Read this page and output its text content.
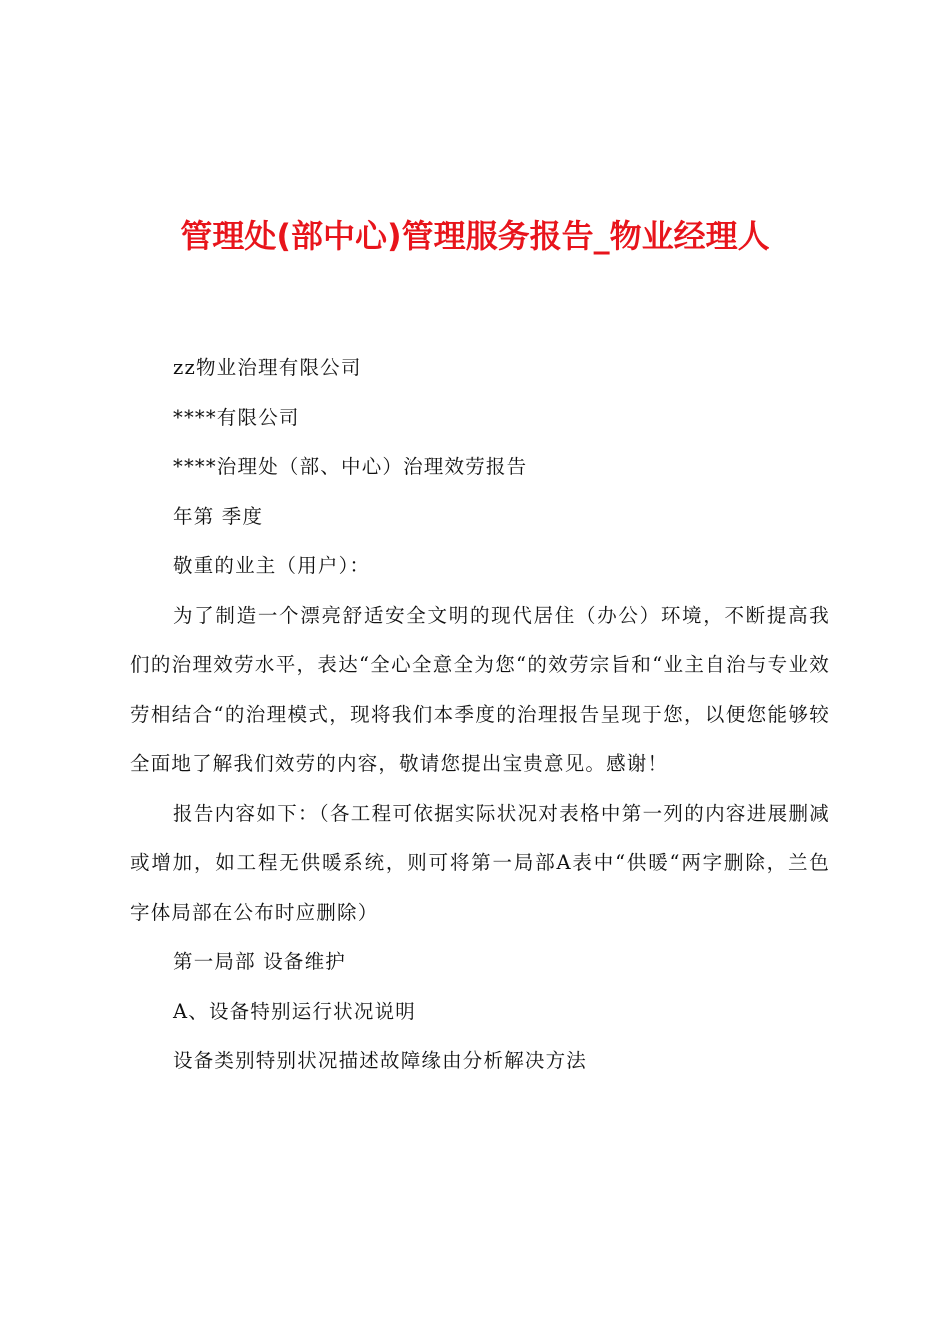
管理处(部中心)管理服务报告_物业经理人

zz物业治理有限公司

****有限公司

****治理处（部、中心）治理效劳报告

年第 季度

敬重的业主（用户）：

为了制造一个漂亮舒适安全文明的现代居住（办公）环境，不断提高我们的治理效劳水平，表达“全心全意全为您“的效劳宗旨和“业主自治与专业效劳相结合“的治理模式，现将我们本季度的治理报告呈现于您，以便您能够较全面地了解我们效劳的内容，敬请您提出宝贵意见。感谢！

报告内容如下：（各工程可依据实际状况对表格中第一列的内容进展删减或增加，如工程无供暖系统，则可将第一局部A表中“供暖“两字删除，兰色字体局部在公布时应删除）

第一局部 设备维护

A、设备特别运行状况说明

设备类别特别状况描述故障缘由分析解决方法
